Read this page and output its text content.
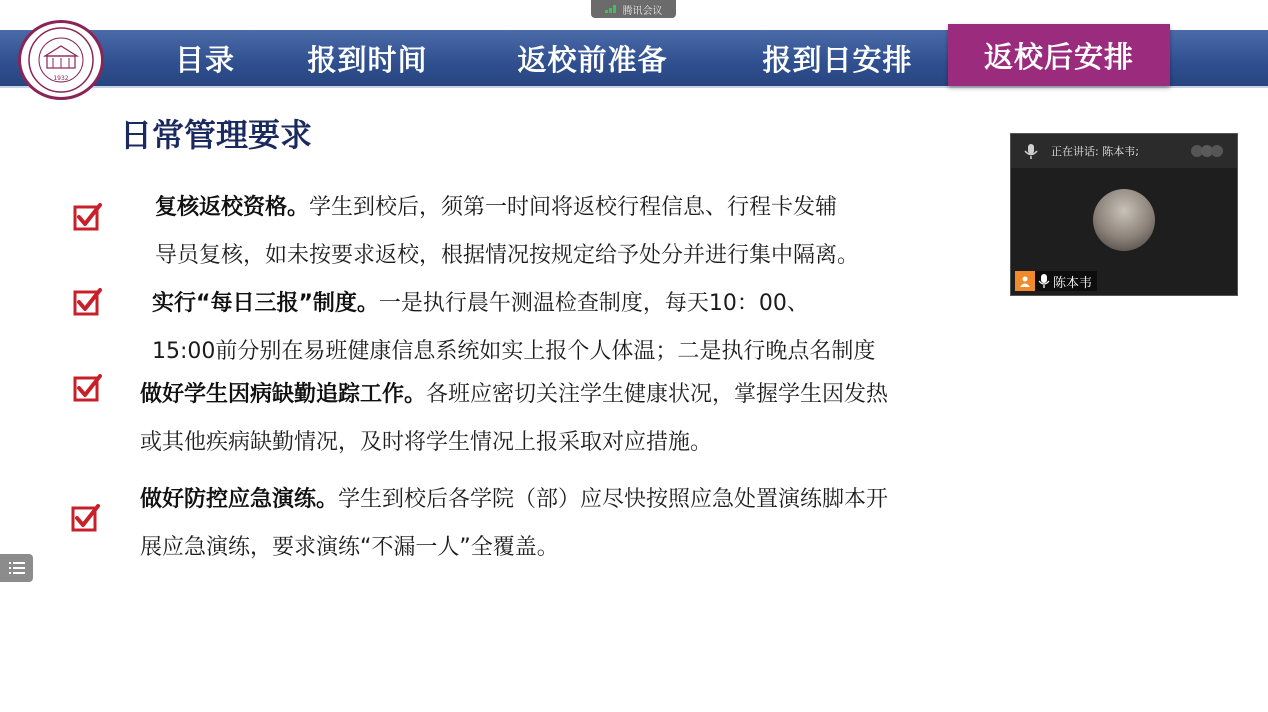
腾讯会议
1932
目录	报到时间	返校前准备	报到日安排	返校后安排
日常管理要求
复核返校资格。学生到校后，须第一时间将返校行程信息、行程卡发辅
导员复核，如未按要求返校，根据情况按规定给予处分并进行集中隔离。
实行“每日三报”制度。一是执行晨午测温检查制度，每天10：00、
15:00前分别在易班健康信息系统如实上报个人体温；二是执行晚点名制度
做好学生因病缺勤追踪工作。各班应密切关注学生健康状况，掌握学生因发热
或其他疾病缺勤情况，及时将学生情况上报采取对应措施。
做好防控应急演练。学生到校后各学院（部）应尽快按照应急处置演练脚本开
展应急演练，要求演练“不漏一人”全覆盖。
正在讲话: 陈本韦;
陈本韦
